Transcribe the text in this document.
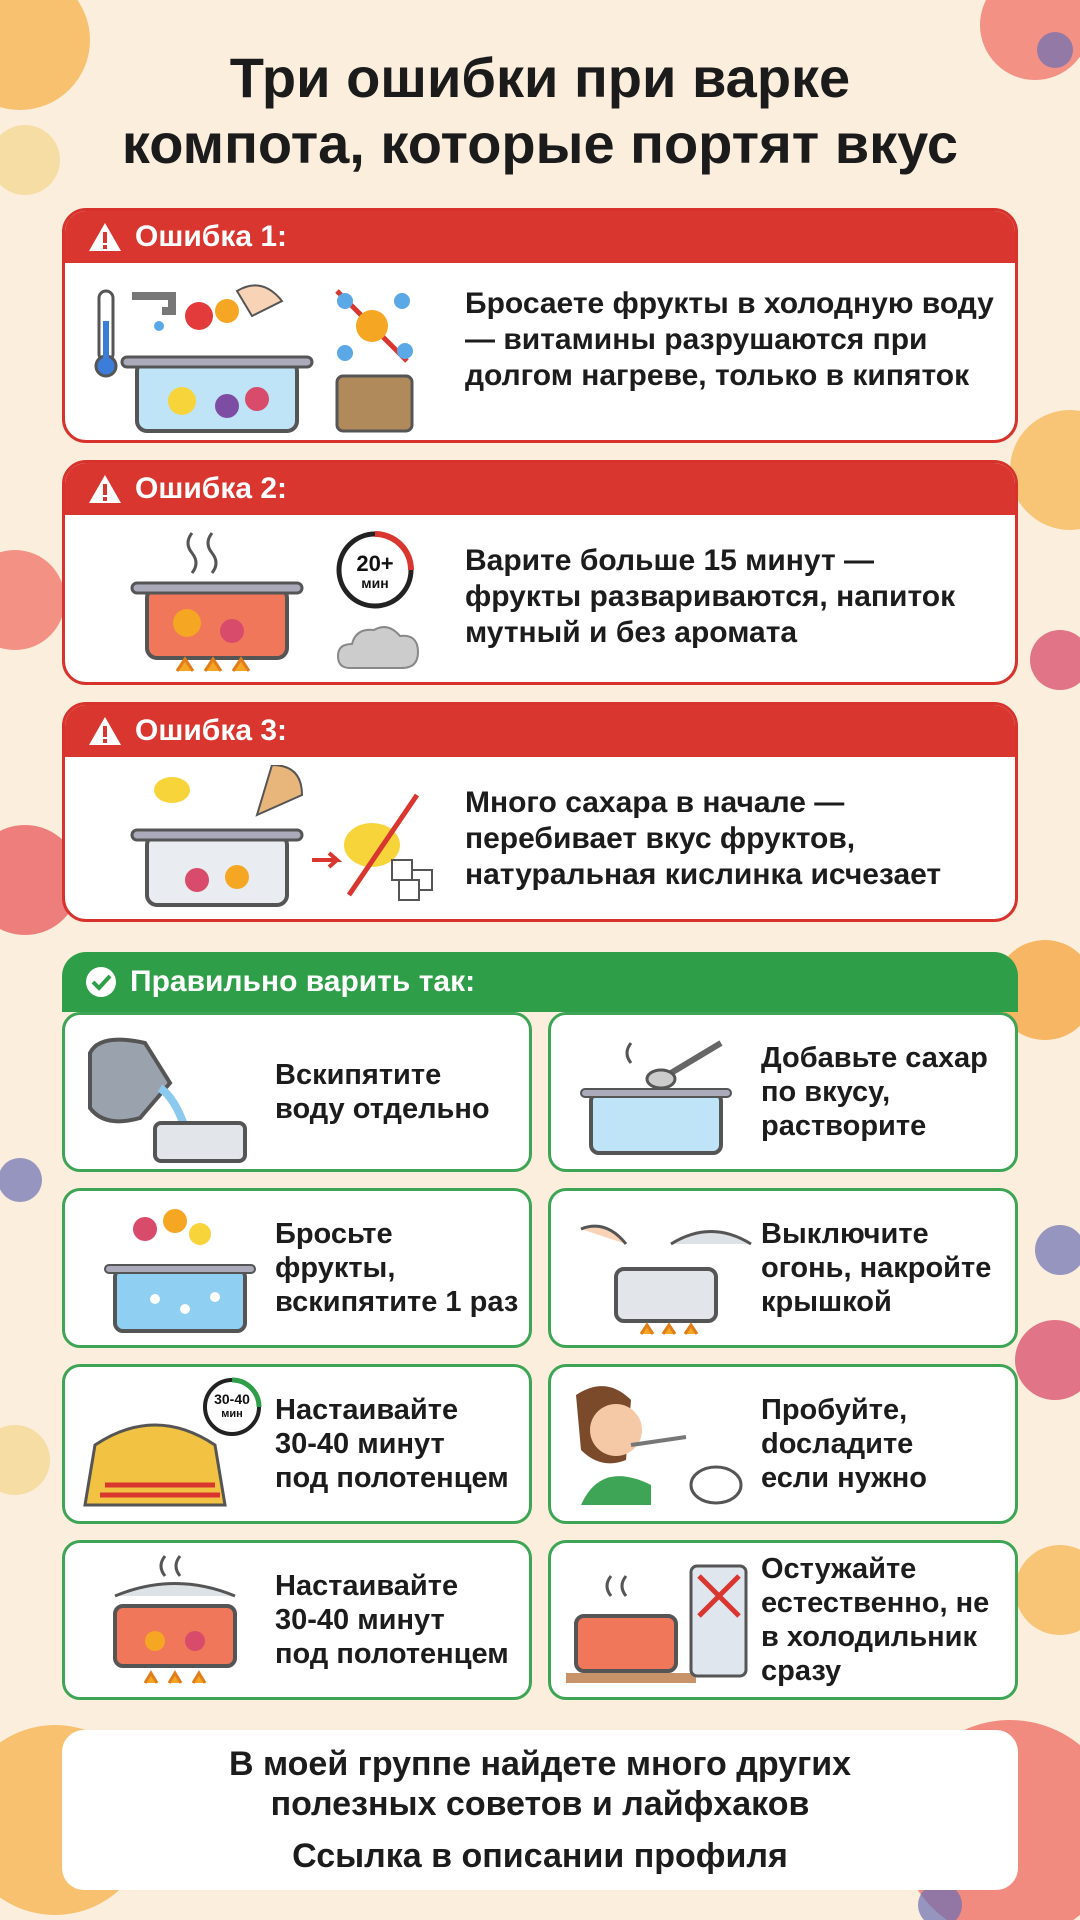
Три ошибки при варке
компота, которые портят вкус
Ошибка 1:
Бросаете фрукты в холодную воду — витамины разрушаются при долгом нагреве, только в кипяток
Ошибка 2:
20+
мин
Варите больше 15 минут — фрукты развариваются, напиток мутный и без аромата
Ошибка 3:
Много сахара в начале — перебивает вкус фруктов, натуральная кислинка исчезает
Правильно варить так:
Вскипятите
воду отдельно
Добавьте сахар
по вкусу,
растворите
Бросьте
фрукты,
вскипятите 1 раз
Выключите
огонь, накройте
крышкой
30-40
мин	Настаивайте
30-40 минут
под полотенцем
Пробуйте,
dосладите
если нужно
Настаивайте
30-40 минут
под полотенцем
Остужайте
естественно, не
в холодильник
сразу
В моей группе найдете много других
полезных советов и лайфхаков
Ссылка в описании профиля
